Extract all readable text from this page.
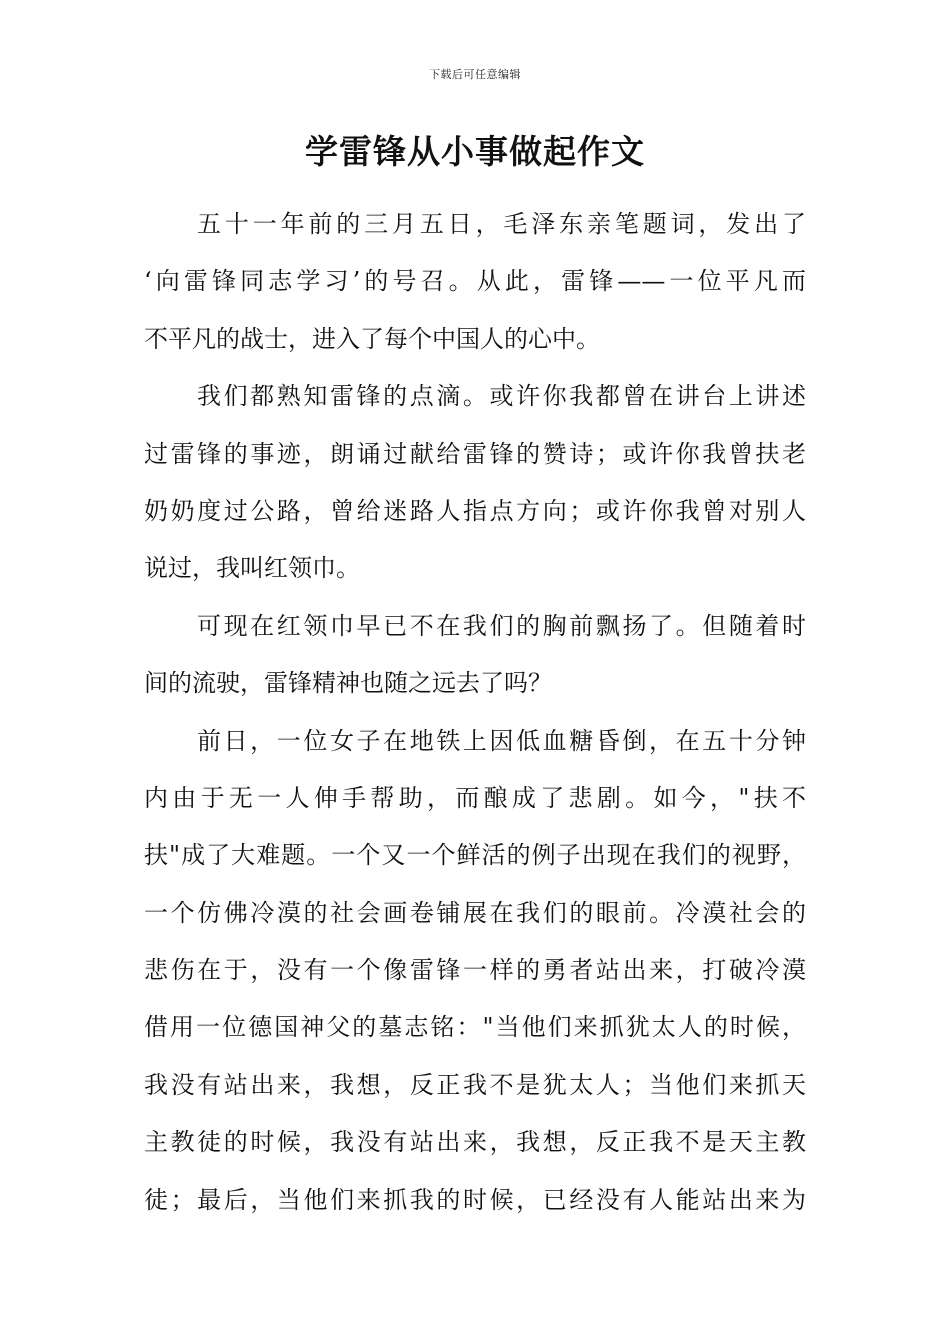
下载后可任意编辑
学雷锋从小事做起作文
五十一年前的三月五日，毛泽东亲笔题词，发出了
‘向雷锋同志学习’的号召。从此，雷锋——一位平凡而
不平凡的战士，进入了每个中国人的心中。
我们都熟知雷锋的点滴。或许你我都曾在讲台上讲述
过雷锋的事迹，朗诵过献给雷锋的赞诗；或许你我曾扶老
奶奶度过公路，曾给迷路人指点方向；或许你我曾对别人
说过，我叫红领巾。
可现在红领巾早已不在我们的胸前飘扬了。但随着时
间的流驶，雷锋精神也随之远去了吗？
前日，一位女子在地铁上因低血糖昏倒，在五十分钟
内由于无一人伸手帮助，而酿成了悲剧。如今，"扶不
扶"成了大难题。一个又一个鲜活的例子出现在我们的视野，
一个仿佛冷漠的社会画卷铺展在我们的眼前。冷漠社会的
悲伤在于，没有一个像雷锋一样的勇者站出来，打破冷漠
借用一位德国神父的墓志铭："当他们来抓犹太人的时候，
我没有站出来，我想，反正我不是犹太人；当他们来抓天
主教徒的时候，我没有站出来，我想，反正我不是天主教
徒；最后，当他们来抓我的时候，已经没有人能站出来为
